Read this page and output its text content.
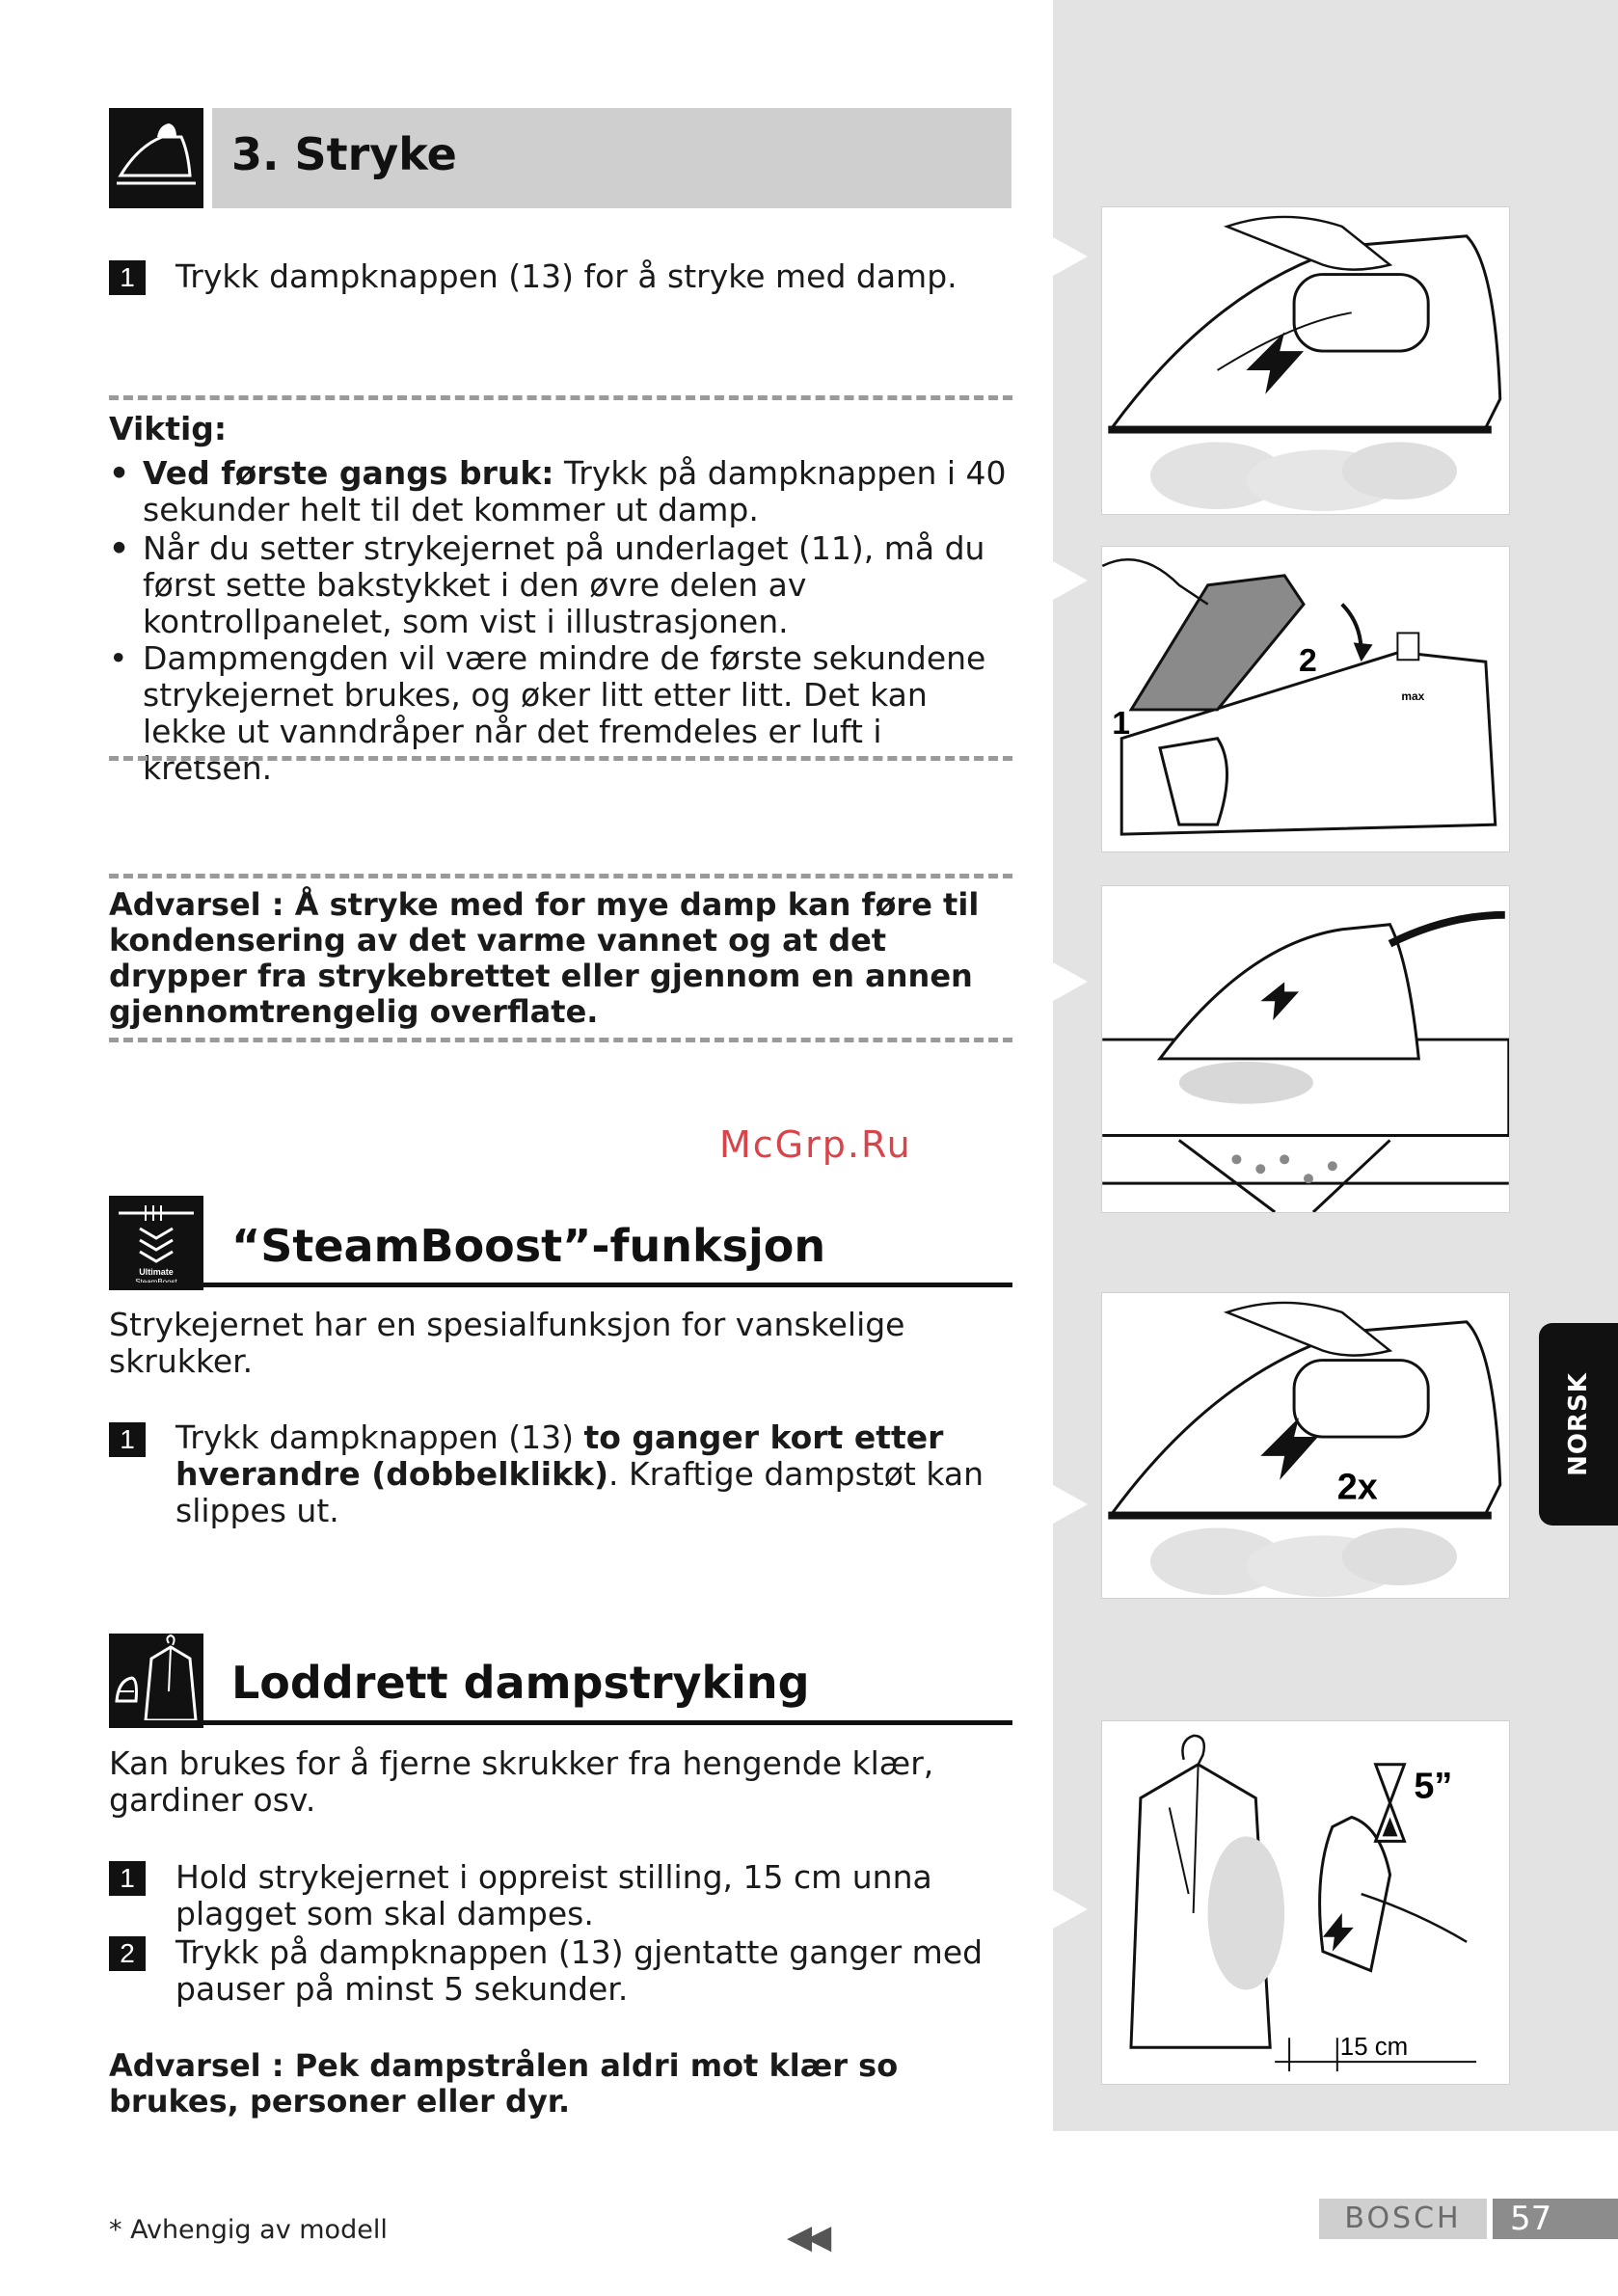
2
1
max
2x
5”
15 cm
3. Stryke
1	Trykk dampknappen (13) for å stryke med damp.
Viktig:
• Ved første gangs bruk: Trykk på dampknappen i 40 sekunder helt til det kommer ut damp.
• Når du setter strykejernet på underlaget (11), må du først sette bakstykket i den øvre delen av kontrollpanelet, som vist i illustrasjonen.
• Dampmengden vil være mindre de første sekundene strykejernet brukes, og øker litt etter litt. Det kan lekke ut vanndråper når det fremdeles er luft i kretsen.
Advarsel : Å stryke med for mye damp kan føre til kondensering av det varme vannet og at det drypper fra strykebrettet eller gjennom en annen gjennomtrengelig overflate.
McGrp.Ru
Ultimate “SteamBoost”-funksjon
Strykejernet har en spesialfunksjon for vanskelige skrukker.
1	Trykk dampknappen (13) to ganger kort etter hverandre (dobbelklikk). Kraftige dampstøt kan slippes ut.
Loddrett dampstryking
Kan brukes for å fjerne skrukker fra hengende klær, gardiner osv.
1	Hold strykejernet i oppreist stilling, 15 cm unna plagget som skal dampes.
2	Trykk på dampknappen (13) gjentatte ganger med pauser på minst 5 sekunder.
Advarsel : Pek dampstrålen aldri mot klær so brukes, personer eller dyr.
NORSK
* Avhengig av modell	◀◀	BOSCH	57
